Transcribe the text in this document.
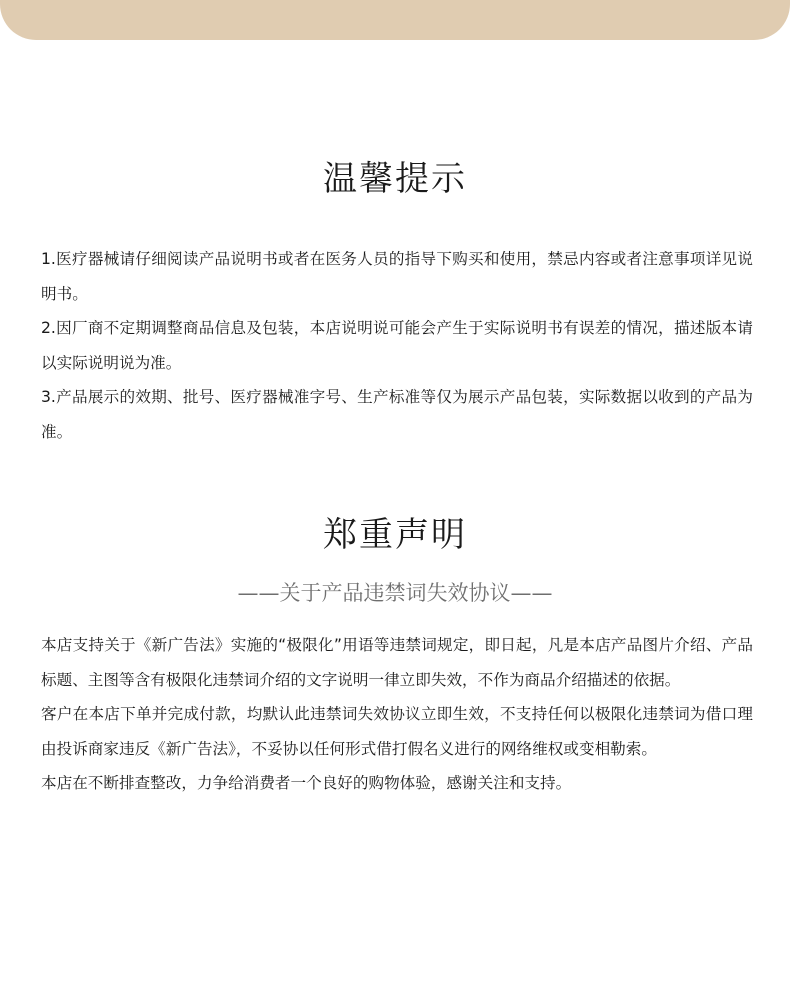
温馨提示

1.医疗器械请仔细阅读产品说明书或者在医务人员的指导下购买和使用，禁忌内容或者注意事项详见说明书。

2.因厂商不定期调整商品信息及包装，本店说明说可能会产生于实际说明书有误差的情况，描述版本请以实际说明说为准。

3.产品展示的效期、批号、医疗器械准字号、生产标准等仅为展示产品包装，实际数据以收到的产品为准。

郑重声明

——关于产品违禁词失效协议——

本店支持关于《新广告法》实施的“极限化”用语等违禁词规定，即日起，凡是本店产品图片介绍、产品标题、主图等含有极限化违禁词介绍的文字说明一律立即失效，不作为商品介绍描述的依据。

客户在本店下单并完成付款，均默认此违禁词失效协议立即生效，不支持任何以极限化违禁词为借口理由投诉商家违反《新广告法》，不妥协以任何形式借打假名义进行的网络维权或变相勒索。

本店在不断排查整改，力争给消费者一个良好的购物体验，感谢关注和支持。
